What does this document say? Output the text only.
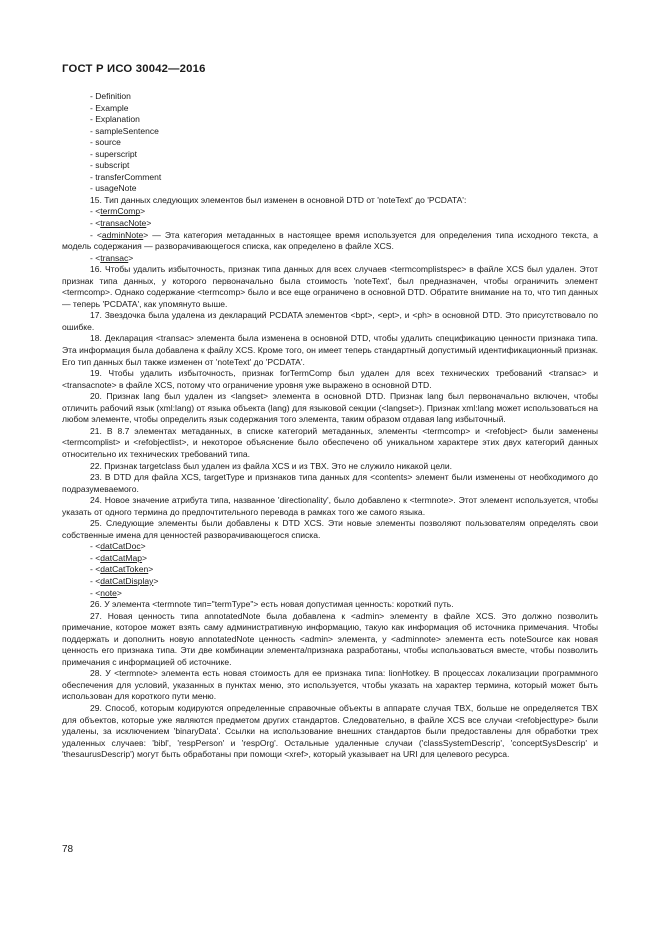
ГОСТ Р ИСО 30042—2016
- Definition
- Example
- Explanation
- sampleSentence
- source
- superscript
- subscript
- transferComment
- usageNote

15. Тип данных следующих элементов был изменен в основной DTD от 'noteText' до 'PCDATA':

- <termComp>
- <transacNote>

- <adminNote> — Эта категория метаданных в настоящее время используется для определения типа исходного текста, а модель содержания — разворачивающегося списка, как определено в файле XCS.

- <transac>

16. Чтобы удалить избыточность, признак типа данных для всех случаев <termcomplistspec> в файле XCS был удален. Этот признак типа данных, у которого первоначально была стоимость 'noteText', был предназначен, чтобы ограничить элемент <termcomp>. Однако содержание <termcomp> было и все еще ограничено в основной DTD. Обратите внимание на то, что тип данных — теперь 'PCDATA', как упомянуто выше.

17. Звездочка была удалена из деклараций PCDATA элементов <bpt>, <ept>, и <ph> в основной DTD. Это присутствовало по ошибке.

18. Декларация <transac> элемента была изменена в основной DTD, чтобы удалить спецификацию ценности признака типа. Эта информация была добавлена к файлу XCS. Кроме того, он имеет теперь стандартный допустимый идентификационный признак. Его тип данных был также изменен от 'noteText' до 'PCDATA'.

19. Чтобы удалить избыточность, признак forTermComp был удален для всех технических требований <transac> и <transacnote> в файле XCS, потому что ограничение уровня уже выражено в основной DTD.

20. Признак lang был удален из <langset> элемента в основной DTD. Признак lang был первоначально включен, чтобы отличить рабочий язык (xml:lang) от языка объекта (lang) для языковой секции (<langset>). Признак xml:lang может использоваться на любом элементе, чтобы определить язык содержания того элемента, таким образом отдавая lang избыточный.

21. В 8.7 элементах метаданных, в списке категорий метаданных, элементы <termcomp> и <refobject> были заменены <termcomplist> и <refobjectlist>, и некоторое объяснение было обеспечено об уникальном характере этих двух категорий данных относительно их технических требований типа.

22. Признак targetclass был удален из файла XCS и из TBX. Это не служило никакой цели.

23. В DTD для файла XCS, targetType и признаков типа данных для <contents> элемент были изменены от необходимого до подразумеваемого.

24. Новое значение атрибута типа, названное 'directionality', было добавлено к <termnote>. Этот элемент используется, чтобы указать от одного термина до предпочтительного перевода в рамках того же самого языка.

25. Следующие элементы были добавлены к DTD XCS. Эти новые элементы позволяют пользователям определять свои собственные имена для ценностей разворачивающегося списка.

- <datCatDoc>
- <datCatMap>
- <datCatToken>
- <datCatDisplay>
- <note>

26. У элемента <termnote тип="termType"> есть новая допустимая ценность: короткий путь.

27. Новая ценность типа annotatedNote была добавлена к <admin> элементу в файле XCS. Это должно позволить примечание, которое может взять саму административную информацию, такую как информация об источника примечания. Чтобы поддержать и дополнить новую annotatedNote ценность <admin> элемента, у <adminnote> элемента есть noteSource как новая ценность его признака типа. Эти две комбинации элемента/признака разработаны, чтобы использоваться вместе, чтобы позволить примечания с информацией об источнике.

28. У <termnote> элемента есть новая стоимость для ее признака типа: lionHotkey. В процессах локализации программного обеспечения для условий, указанных в пунктах меню, это используется, чтобы указать на характер термина, который может быть использован для короткого пути меню.

29. Способ, которым кодируются определенные справочные объекты в аппарате случая TBX, больше не определяется TBX для объектов, которые уже являются предметом других стандартов. Следовательно, в файле XCS все случаи <refobjecttype> были удалены, за исключением 'binaryData'. Ссылки на использование внешних стандартов были предоставлены для обработки трех удаленных случаев: 'bibl', 'respPerson' и 'respOrg'. Остальные удаленные случаи ('classSystemDescrip', 'conceptSysDescrip' и 'thesaurusDescrip') могут быть обработаны при помощи <xref>, который указывает на URI для целевого ресурса.

78
